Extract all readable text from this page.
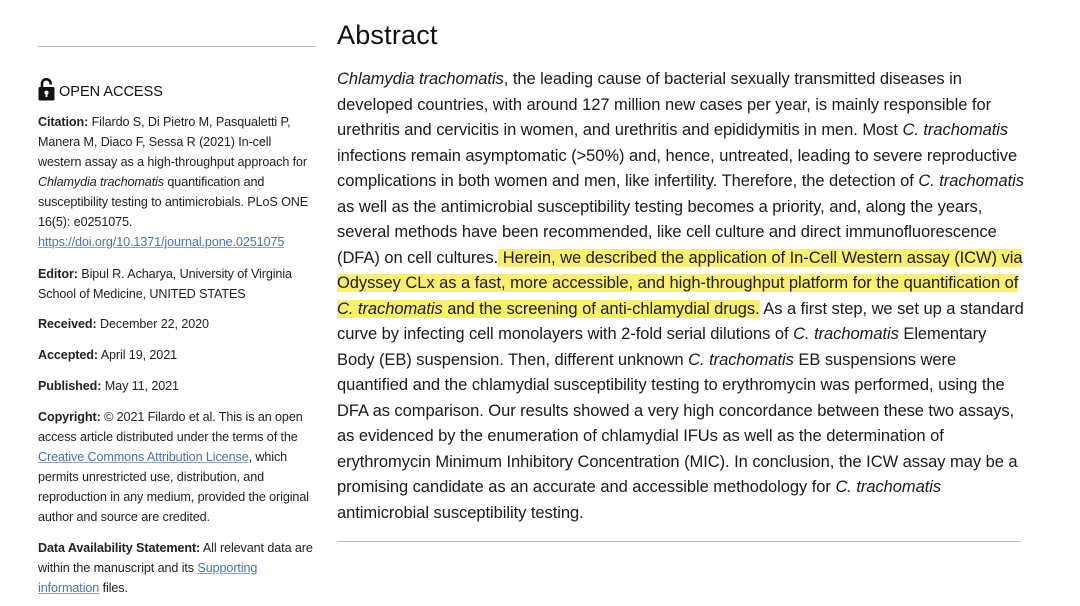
OPEN ACCESS
Citation: Filardo S, Di Pietro M, Pasqualetti P, Manera M, Diaco F, Sessa R (2021) In-cell western assay as a high-throughput approach for Chlamydia trachomatis quantification and susceptibility testing to antimicrobials. PLoS ONE 16(5): e0251075. https://doi.org/10.1371/journal.pone.0251075
Editor: Bipul R. Acharya, University of Virginia School of Medicine, UNITED STATES
Received: December 22, 2020
Accepted: April 19, 2021
Published: May 11, 2021
Copyright: © 2021 Filardo et al. This is an open access article distributed under the terms of the Creative Commons Attribution License, which permits unrestricted use, distribution, and reproduction in any medium, provided the original author and source are credited.
Data Availability Statement: All relevant data are within the manuscript and its Supporting information files.
Abstract
Chlamydia trachomatis, the leading cause of bacterial sexually transmitted diseases in developed countries, with around 127 million new cases per year, is mainly responsible for urethritis and cervicitis in women, and urethritis and epididymitis in men. Most C. trachomatis infections remain asymptomatic (>50%) and, hence, untreated, leading to severe reproductive complications in both women and men, like infertility. Therefore, the detection of C. trachomatis as well as the antimicrobial susceptibility testing becomes a priority, and, along the years, several methods have been recommended, like cell culture and direct immunofluorescence (DFA) on cell cultures. Herein, we described the application of In-Cell Western assay (ICW) via Odyssey CLx as a fast, more accessible, and high-throughput platform for the quantification of C. trachomatis and the screening of anti-chlamydial drugs. As a first step, we set up a standard curve by infecting cell monolayers with 2-fold serial dilutions of C. trachomatis Elementary Body (EB) suspension. Then, different unknown C. trachomatis EB suspensions were quantified and the chlamydial susceptibility testing to erythromycin was performed, using the DFA as comparison. Our results showed a very high concordance between these two assays, as evidenced by the enumeration of chlamydial IFUs as well as the determination of erythromycin Minimum Inhibitory Concentration (MIC). In conclusion, the ICW assay may be a promising candidate as an accurate and accessible methodology for C. trachomatis antimicrobial susceptibility testing.
